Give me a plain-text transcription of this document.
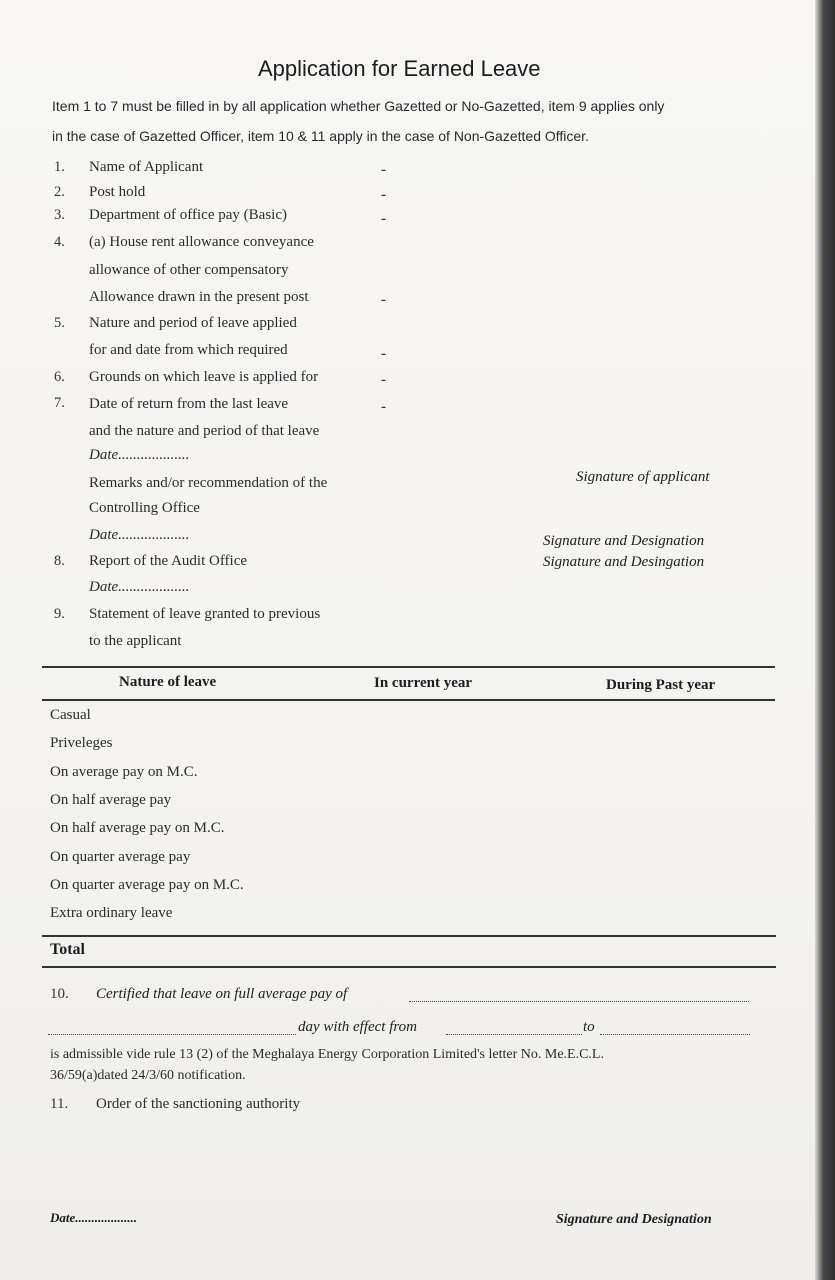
Application for Earned Leave
Item 1 to 7 must be filled in by all application whether Gazetted or No-Gazetted, item 9 applies only
in the case of Gazetted Officer, item 10 & 11 apply in the case of Non-Gazetted Officer.
1. Name of Applicant	-
2. Post hold	-
3. Department of office pay (Basic)	-
4. (a) House rent allowance conveyance
allowance of other compensatory
Allowance drawn in the present post	-
5. Nature and period of leave applied
for and date from which required	-
6. Grounds on which leave is applied for	-
7. Date of return from the last leave	-
and the nature and period of that leave
Date...................
Remarks and/or recommendation of the	Signature of applicant
Controlling Office
Date...................	Signature and Designation
8. Report of the Audit Office	Signature and Desingation
Date...................
9. Statement of leave granted to previous
to the applicant
Nature of leave	In current year	During Past year
Casual
Priveleges
On average pay on M.C.
On half average pay
On half average pay on M.C.
On quarter average pay
On quarter average pay on M.C.
Extra ordinary leave
Total
10. Certified that leave on full average pay of
day with effect from	to
is admissible vide rule 13 (2) of the Meghalaya Energy Corporation Limited's letter No. Me.E.C.L.
36/59(a)dated 24/3/60 notification.
11. Order of the sanctioning authority
Date...................	Signature and Designation
